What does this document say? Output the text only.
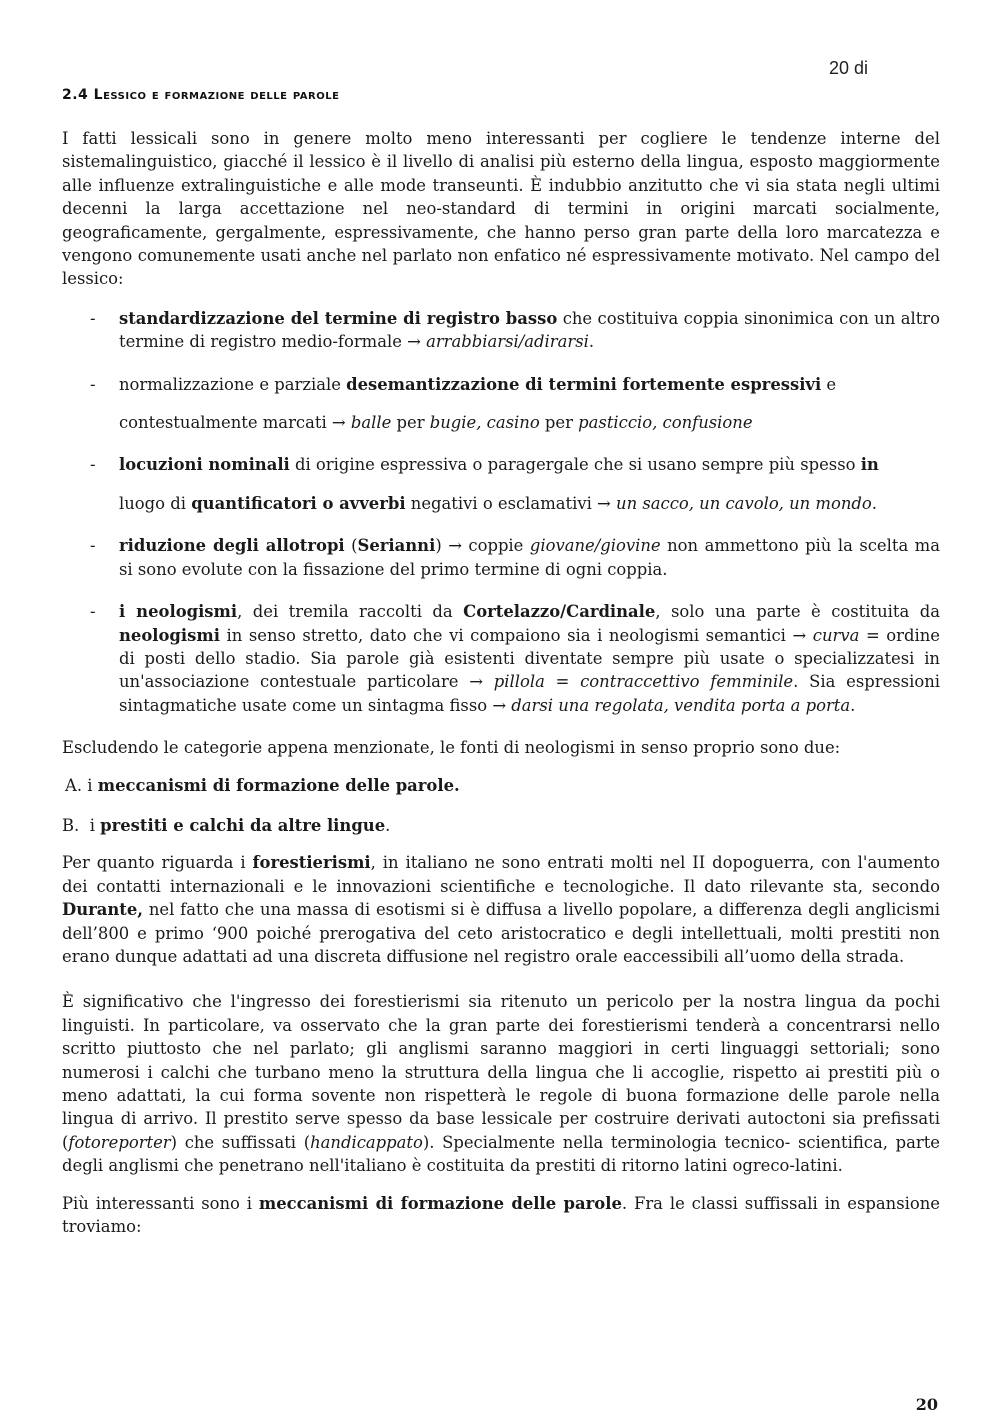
20 di
2.4 Lessico e formazione delle parole

I fatti lessicali sono in genere molto meno interessanti per cogliere le tendenze interne del sistemalinguistico, giacché il lessico è il livello di analisi più esterno della lingua, esposto maggiormente alle influenze extralinguistiche e alle mode transeunti. È indubbio anzitutto che vi sia stata negli ultimi decenni la larga accettazione nel neo-standard di termini in origini marcati socialmente, geograficamente, gergalmente, espressivamente, che hanno perso gran parte della loro marcatezza e vengono comunemente usati anche nel parlato non enfatico né espressivamente motivato. Nel campo del lessico:

- standardizzazione del termine di registro basso che costituiva coppia sinonimica con un altro termine di registro medio-formale → arrabbiarsi/adirarsi.
- normalizzazione e parziale desemantizzazione di termini fortemente espressivi e
contestualmente marcati → balle per bugie, casino per pasticcio, confusione
- locuzioni nominali di origine espressiva o paragergale che si usano sempre più spesso in
luogo di quantificatori o avverbi negativi o esclamativi → un sacco, un cavolo, un mondo.
- riduzione degli allotropi (Serianni) → coppie giovane/giovine non ammettono più la scelta ma si sono evolute con la fissazione del primo termine di ogni coppia.
- i neologismi, dei tremila raccolti da Cortelazzo/Cardinale, solo una parte è costituita da neologismi in senso stretto, dato che vi compaiono sia i neologismi semantici → curva = ordine di posti dello stadio. Sia parole già esistenti diventate sempre più usate o specializzatesi in un'associazione contestuale particolare → pillola = contraccettivo femminile. Sia espressioni sintagmatiche usate come un sintagma fisso → darsi una regolata, vendita porta a porta.

Escludendo le categorie appena menzionate, le fonti di neologismi in senso proprio sono due:

A. i meccanismi di formazione delle parole.

B. i prestiti e calchi da altre lingue.

Per quanto riguarda i forestierismi, in italiano ne sono entrati molti nel II dopoguerra, con l'aumento dei contatti internazionali e le innovazioni scientifiche e tecnologiche. Il dato rilevante sta, secondo Durante, nel fatto che una massa di esotismi si è diffusa a livello popolare, a differenza degli anglicismi dell’800 e primo ‘900 poiché prerogativa del ceto aristocratico e degli intellettuali, molti prestiti non erano dunque adattati ad una discreta diffusione nel registro orale eaccessibili all’uomo della strada.

È significativo che l'ingresso dei forestierismi sia ritenuto un pericolo per la nostra lingua da pochi linguisti. In particolare, va osservato che la gran parte dei forestierismi tenderà a concentrarsi nello scritto piuttosto che nel parlato; gli anglismi saranno maggiori in certi linguaggi settoriali; sono numerosi i calchi che turbano meno la struttura della lingua che li accoglie, rispetto ai prestiti più o meno adattati, la cui forma sovente non rispetterà le regole di buona formazione delle parole nella lingua di arrivo. Il prestito serve spesso da base lessicale per costruire derivati autoctoni sia prefissati (fotoreporter) che suffissati (handicappato). Specialmente nella terminologia tecnico- scientifica, parte degli anglismi che penetrano nell'italiano è costituita da prestiti di ritorno latini ogreco-latini.

Più interessanti sono i meccanismi di formazione delle parole. Fra le classi suffissali in espansione troviamo:

20
